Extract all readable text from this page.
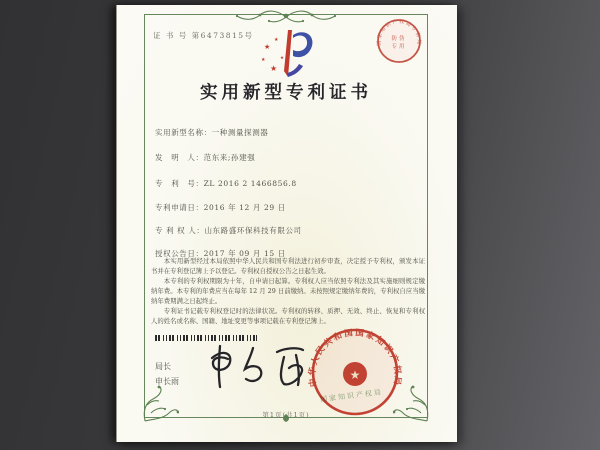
证 书 号 第6473815号
国家知识产权局专利局
防伪
专用
★
★
★
★
★
实用新型专利证书
实用新型名称：一种测量探测器
发　明　人：范东来;孙建强
专　利　号：ZL 2016 2 1466856.8
专利申请日：2016 年 12 月 29 日
专 利 权 人：山东路盛环保科技有限公司
授权公告日：2017 年 09 月 15 日

本实用新型经过本局依照中华人民共和国专利法进行初步审查，决定授予专利权，颁发本证书并在专利登记簿上予以登记。专利权自授权公告之日起生效。

本专利的专利权期限为十年，自申请日起算。专利权人应当依照专利法及其实施细则规定缴纳年费。本专利的年费应当在每年 12 月 29 日前缴纳。未按照规定缴纳年费的，专利权自应当缴纳年费期满之日起终止。

专利证书记载专利权登记时的法律状况。专利权的转移、质押、无效、终止、恢复和专利权人的姓名或名称、国籍、地址变更等事项记载在专利登记簿上。

局长
申长雨	中华人民共和国国家知识产权局
★
第1页(共1页)
